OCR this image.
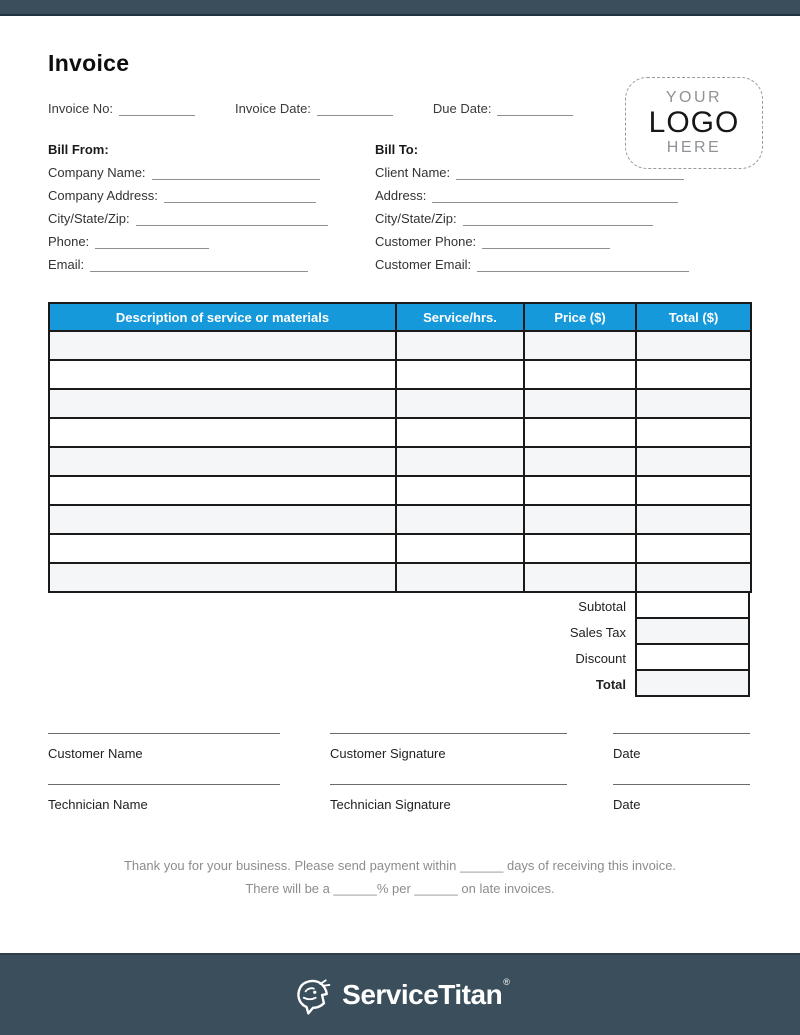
Invoice
YOUR
LOGO
HERE
Invoice No:	Invoice Date:	Due Date:
Bill From:
Company Name:
Company Address:
City/State/Zip:
Phone:
Email:
Bill To:
Client Name:
Address:
City/State/Zip:
Customer Phone:
Customer Email:
Description of service or materials	Service/hrs.	Price ($)	Total ($)

Subtotal
Sales Tax
Discount
Total
Customer Name	Customer Signature	Date
Technician Name	Technician Signature	Date
Thank you for your business. Please send payment within ______ days of receiving this invoice.
There will be a ______% per ______ on late invoices.
ServiceTitan ®
